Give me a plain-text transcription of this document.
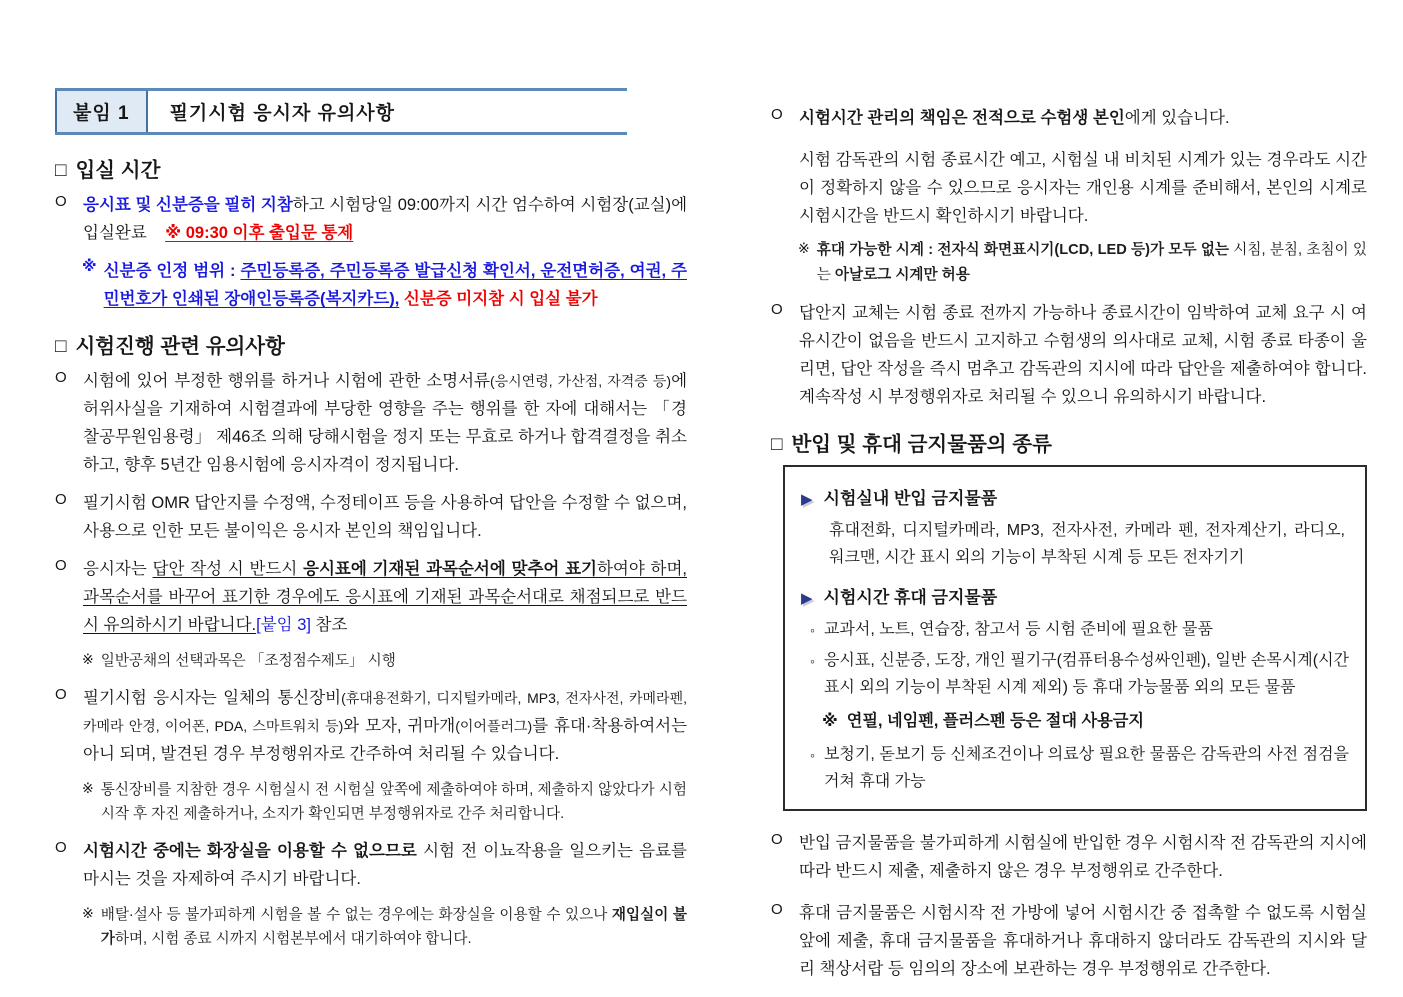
붙임 1	필기시험 응시자 유의사항
□ 입실 시간
O 응시표 및 신분증을 필히 지참하고 시험당일 09:00까지 시간 엄수하여 시험장(교실)에 입실완료    ※ 09:30 이후 출입문 통제
※ 신분증 인정 범위 : 주민등록증, 주민등록증 발급신청 확인서, 운전면허증, 여권, 주민번호가 인쇄된 장애인등록증(복지카드), 신분증 미지참 시 입실 불가
□ 시험진행 관련 유의사항
O 시험에 있어 부정한 행위를 하거나 시험에 관한 소명서류(응시연령, 가산점, 자격증 등)에 허위사실을 기재하여 시험결과에 부당한 영향을 주는 행위를 한 자에 대해서는 「경찰공무원임용령」 제46조 의해 당해시험을 정지 또는 무효로 하거나 합격결정을 취소하고, 향후 5년간 임용시험에 응시자격이 정지됩니다.
O 필기시험 OMR 답안지를 수정액, 수정테이프 등을 사용하여 답안을 수정할 수 없으며, 사용으로 인한 모든 불이익은 응시자 본인의 책임입니다.
O 응시자는 답안 작성 시 반드시 응시표에 기재된 과목순서에 맞추어 표기하여야 하며, 과목순서를 바꾸어 표기한 경우에도 응시표에 기재된 과목순서대로 채점되므로 반드시 유의하시기 바랍니다.[붙임 3] 참조
※ 일반공채의 선택과목은 「조정점수제도」 시행
O 필기시험 응시자는 일체의 통신장비(휴대용전화기, 디지털카메라, MP3, 전자사전, 카메라펜, 카메라 안경, 이어폰, PDA, 스마트워치 등)와 모자, 귀마개(이어플러그)를 휴대·착용하여서는 아니 되며, 발견된 경우 부정행위자로 간주하여 처리될 수 있습니다.
※ 통신장비를 지참한 경우 시험실시 전 시험실 앞쪽에 제출하여야 하며, 제출하지 않았다가 시험시작 후 자진 제출하거나, 소지가 확인되면 부정행위자로 간주 처리합니다.
O 시험시간 중에는 화장실을 이용할 수 없으므로 시험 전 이뇨작용을 일으키는 음료를 마시는 것을 자제하여 주시기 바랍니다.
※ 배탈·설사 등 불가피하게 시험을 볼 수 없는 경우에는 화장실을 이용할 수 있으나 재입실이 불가하며, 시험 종료 시까지 시험본부에서 대기하여야 합니다.
O 시험시간 관리의 책임은 전적으로 수험생 본인에게 있습니다.
시험 감독관의 시험 종료시간 예고, 시험실 내 비치된 시계가 있는 경우라도 시간이 정확하지 않을 수 있으므로 응시자는 개인용 시계를 준비해서, 본인의 시계로 시험시간을 반드시 확인하시기 바랍니다.
※ 휴대 가능한 시계 : 전자식 화면표시기(LCD, LED 등)가 모두 없는 시침, 분침, 초침이 있는 아날로그 시계만 허용
O 답안지 교체는 시험 종료 전까지 가능하나 종료시간이 임박하여 교체 요구 시 여유시간이 없음을 반드시 고지하고 수험생의 의사대로 교체, 시험 종료 타종이 울리면, 답안 작성을 즉시 멈추고 감독관의 지시에 따라 답안을 제출하여야 합니다. 계속작성 시 부정행위자로 처리될 수 있으니 유의하시기 바랍니다.
□ 반입 및 휴대 금지물품의 종류
▶ 시험실내 반입 금지물품
휴대전화, 디지털카메라, MP3, 전자사전, 카메라 펜, 전자계산기, 라디오, 워크맨, 시간 표시 외의 기능이 부착된 시계 등 모든 전자기기
▶ 시험시간 휴대 금지물품
◦ 교과서, 노트, 연습장, 참고서 등 시험 준비에 필요한 물품
◦ 응시표, 신분증, 도장, 개인 필기구(컴퓨터용수성싸인펜), 일반 손목시계(시간 표시 외의 기능이 부착된 시계 제외) 등 휴대 가능물품 외의 모든 물품
※ 연필, 네임펜, 플러스펜 등은 절대 사용금지
◦ 보청기, 돋보기 등 신체조건이나 의료상 필요한 물품은 감독관의 사전 점검을 거쳐 휴대 가능
O 반입 금지물품을 불가피하게 시험실에 반입한 경우 시험시작 전 감독관의 지시에 따라 반드시 제출, 제출하지 않은 경우 부정행위로 간주한다.
O 휴대 금지물품은 시험시작 전 가방에 넣어 시험시간 중 접촉할 수 없도록 시험실 앞에 제출, 휴대 금지물품을 휴대하거나 휴대하지 않더라도 감독관의 지시와 달리 책상서랍 등 임의의 장소에 보관하는 경우 부정행위로 간주한다.
